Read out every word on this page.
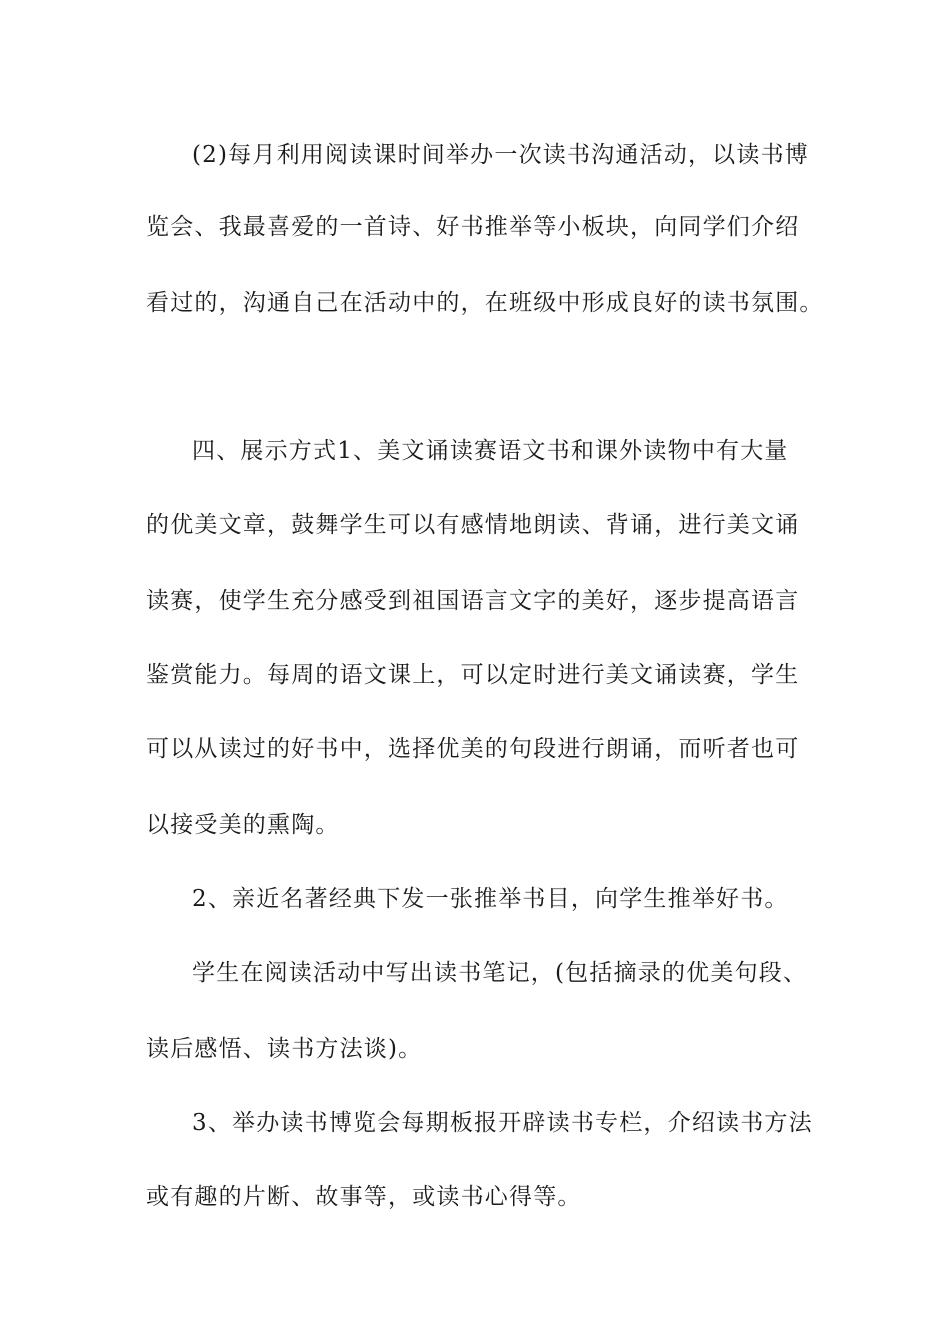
(2)每月利用阅读课时间举办一次读书沟通活动，以读书博
览会、我最喜爱的一首诗、好书推举等小板块，向同学们介绍
看过的，沟通自己在活动中的，在班级中形成良好的读书氛围。
四、展示方式1、美文诵读赛语文书和课外读物中有大量
的优美文章，鼓舞学生可以有感情地朗读、背诵，进行美文诵
读赛，使学生充分感受到祖国语言文字的美好，逐步提高语言
鉴赏能力。每周的语文课上，可以定时进行美文诵读赛，学生
可以从读过的好书中，选择优美的句段进行朗诵，而听者也可
以接受美的熏陶。
2、亲近名著经典下发一张推举书目，向学生推举好书。
学生在阅读活动中写出读书笔记，(包括摘录的优美句段、
读后感悟、读书方法谈)。
3、举办读书博览会每期板报开辟读书专栏，介绍读书方法
或有趣的片断、故事等，或读书心得等。
